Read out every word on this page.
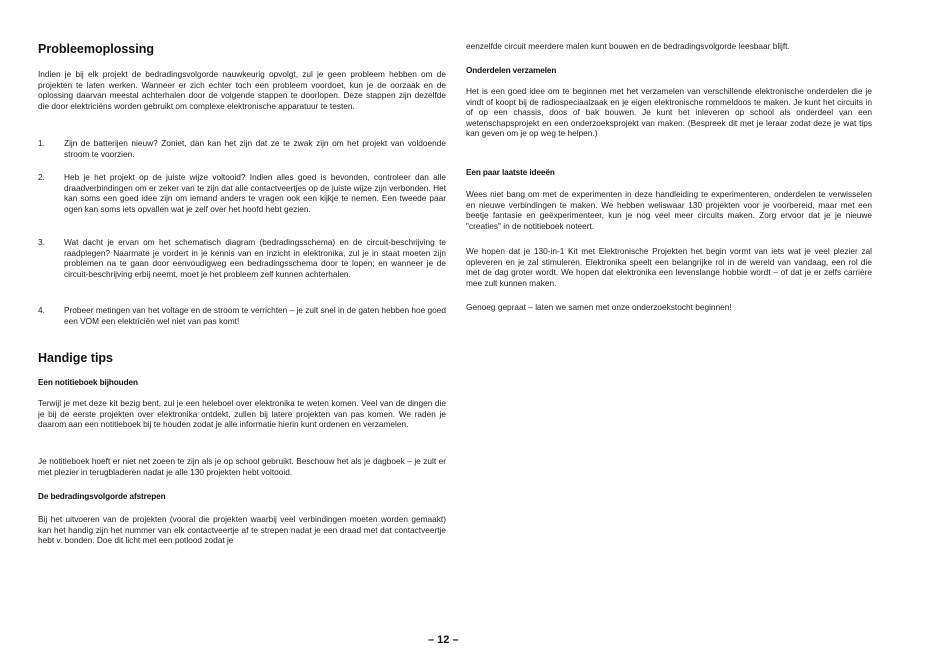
Probleemoplossing

Indien je bij elk projekt de bedradingsvolgorde nauwkeurig opvolgt, zul je geen probleem hebben om de projekten te laten werken. Wanneer er zich echter toch een probleem voordoet, kun je de oorzaak en de oplossing daarvan meestal achterhalen door de volgende stappen te doorlopen. Deze stappen zijn dezelfde die door elektriciëns worden gebruikt om complexe elektronische apparatuur te testen.

1. Zijn de batterijen nieuw? Zoniet, dan kan het zijn dat ze te zwak zijn om het projekt van voldoende stroom te voorzien.

2. Heb je het projekt op de juiste wijze voltooid? Indien alles goed is bevonden, controleer dan alle draadverbindingen om er zeker van te zijn dat alle contactveertjes op de juiste wijze zijn verbonden. Het kan soms een goed idee zijn om iemand anders te vragen ook een kijkje te nemen. Een tweede paar ogen kan soms iets opvallen wat je zelf over het hoofd hebt gezien.

3. Wat dacht je ervan om het schematisch diagram (bedradingsschema) en de circuit-beschrijving te raadplegen? Naarmate je vordert in je kennis van en inzicht in elektronika, zul je in staat moeten zijn problemen na te gaan door eenvoudigweg een bedradingsschema door te lopen; en wanneer je de circuit-beschrijving erbij neemt, moet je het probleem zelf kunnen achterhalen.

4. Probeer metingen van het voltage en de stroom te verrichten – je zult snel in de gaten hebben hoe goed een VOM een elektriciën wel niet van pas komt!

Handige tips
Een notitieboek bijhouden

Terwijl je met deze kit bezig bent, zul je een heleboel over elektronika te weten komen. Veel van de dingen die je bij de eerste projekten over elektronika ontdekt, zullen bij latere projekten van pas komen. We raden je daarom aan een notitieboek bij te houden zodat je alle informatie hierin kunt ordenen en verzamelen.

Je notitieboek hoeft er niet net zoeen te zijn als je op school gebruikt. Beschouw het als je dagboek – je zult er met plezier in terugbladeren nadat je alle 130 projekten hebt voltooid.

De bedradingsvolgorde afstrepen

Bij het uitvoeren van de projekten (vooral die projekten waarbij veel verbindingen moeten worden gemaakt) kan het handig zijn het nummer van elk contactveertje af te strepen nadat je een draad met dat contactveertje hebt v. bonden. Doe dit licht met een potlood zodat je

eenzelfde circuit meerdere malen kunt bouwen en de bedradingsvolgorde leesbaar blijft.

Onderdelen verzamelen

Het is een goed idee om te beginnen met het verzamelen van verschillende elektronische onderdelen die je vindt of koopt bij de radiospeciaalzaak en je eigen elektronische rommeldoos te maken. Je kunt het circuits in of op een chassis, doos of bak bouwen. Je kunt het inleveren op school als onderdeel van een wetenschapsprojekt en een onderzoeksprojekt van maken. (Bespreek dit met je leraar zodat deze je wat tips kan geven om je op weg te helpen.)

Een paar laatste ideeën

Wees niet bang om met de experimenten in deze handleiding te experimenteren, onderdelen te verwisselen en nieuwe verbindingen te maken. We hebben weliswaar 130 projekten voor je voorbereid, maar met een beetje fantasie en geëxperimenteer, kun je nog veel meer circuits maken. Zorg ervoor dat je je nieuwe "creaties" in de notitieboek noteert.

We hopen dat je 130-in-1 Kit met Elektronische Projekten het begin vormt van iets wat je veel plezier zal opleveren en je zal stimuleren. Elektronika speelt een belangrijke rol in de wereld van vandaag, een rol die met de dag groter wordt. We hopen dat elektronika een levenslange hobbie wordt – of dat je er zelfs carrière mee zult kunnen maken.

Genoeg gepraat – laten we samen met onze onderzoekstocht beginnen!

– 12 –
